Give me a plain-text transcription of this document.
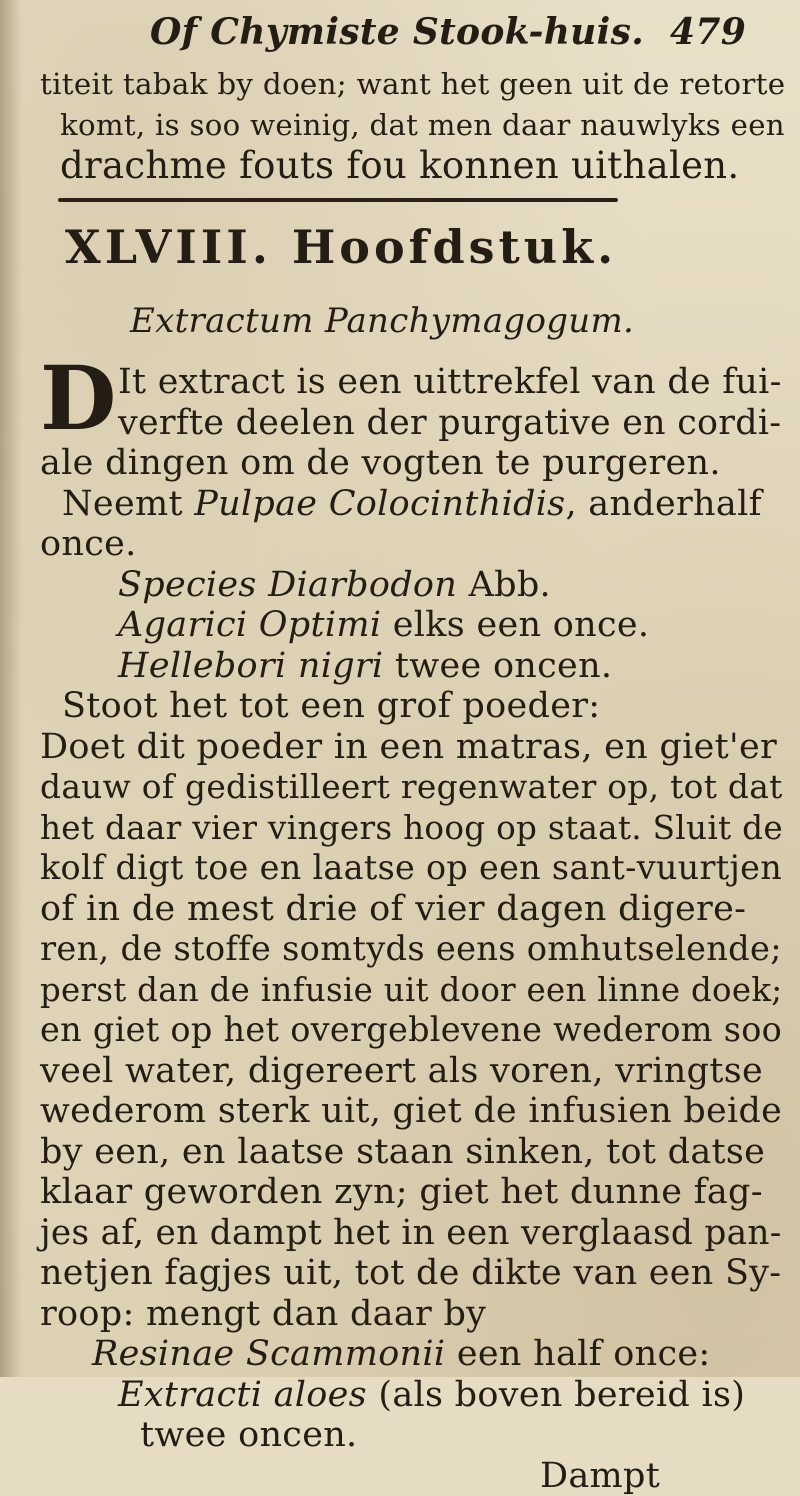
Of Chymiste Stook-huis. 479
titeit tabak by doen; want het geen uit de retorte
komt, is soo weinig, dat men daar nauwlyks een
drachme fouts fou konnen uithalen.
XLVIII. Hoofdstuk.
Extractum Panchymagogum.
D It extract is een uittrekfel van de fui-
verfte deelen der purgative en cordi-
ale dingen om de vogten te purgeren.
Neemt Pulpae Colocinthidis, anderhalf
once.
Species Diarbodon Abb.
Agarici Optimi elks een once.
Hellebori nigri twee oncen.
Stoot het tot een grof poeder:
Doet dit poeder in een matras, en giet'er
dauw of gedistilleert regenwater op, tot dat
het daar vier vingers hoog op staat. Sluit de
kolf digt toe en laatse op een sant-vuurtjen
of in de mest drie of vier dagen digere-
ren, de stoffe somtyds eens omhutselende;
perst dan de infusie uit door een linne doek;
en giet op het overgeblevene wederom soo
veel water, digereert als voren, vringtse
wederom sterk uit, giet de infusien beide
by een, en laatse staan sinken, tot datse
klaar geworden zyn; giet het dunne fag-
jes af, en dampt het in een verglaasd pan-
netjen fagjes uit, tot de dikte van een Sy-
roop: mengt dan daar by
Resinae Scammonii een half once:
Extracti aloes (als boven bereid is)
twee oncen.
Dampt
